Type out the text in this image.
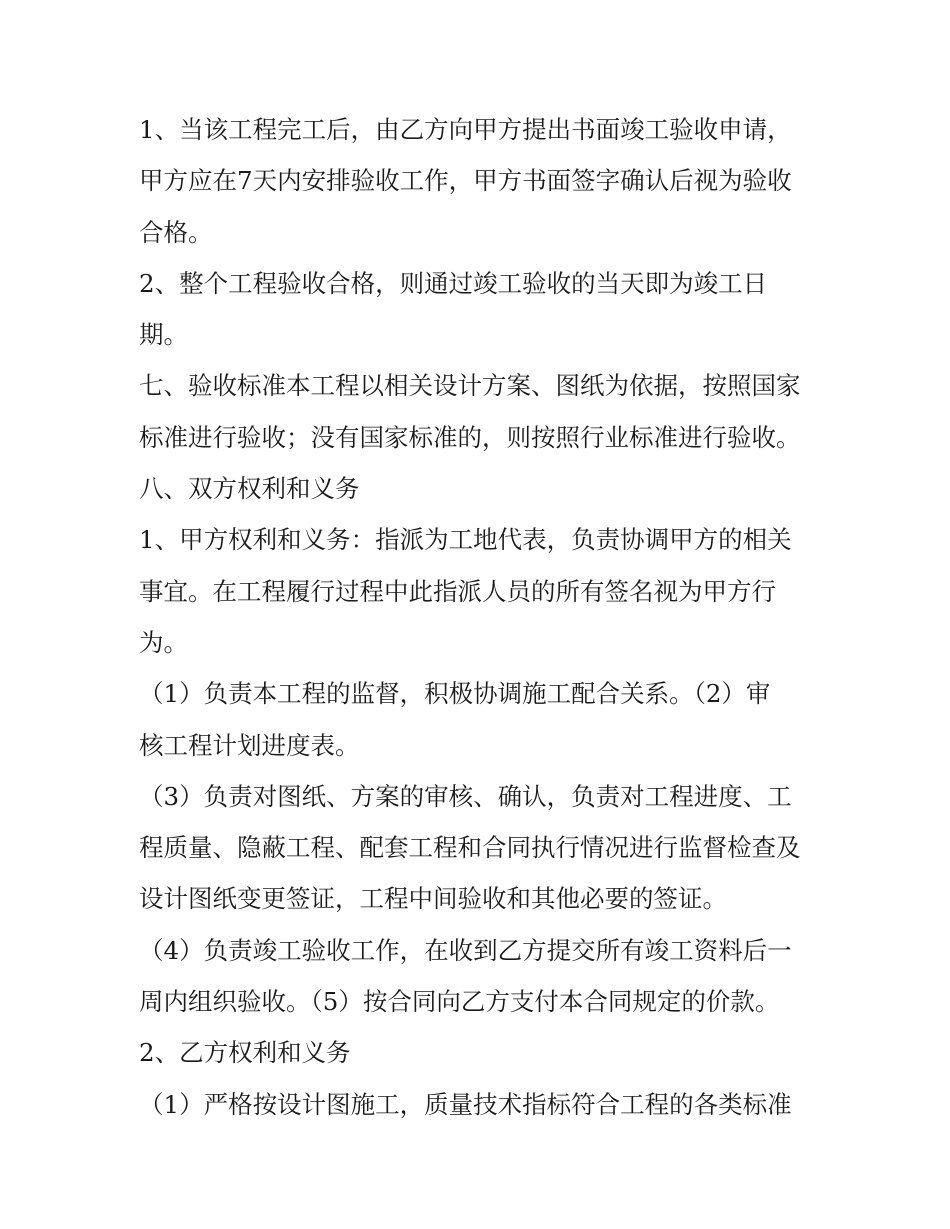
1、当该工程完工后，由乙方向甲方提出书面竣工验收申请，
甲方应在7天内安排验收工作，甲方书面签字确认后视为验收
合格。
2、整个工程验收合格，则通过竣工验收的当天即为竣工日
期。
七、验收标准本工程以相关设计方案、图纸为依据，按照国家
标准进行验收；没有国家标准的，则按照行业标准进行验收。
八、双方权利和义务
1、甲方权利和义务：指派为工地代表，负责协调甲方的相关
事宜。在工程履行过程中此指派人员的所有签名视为甲方行
为。
（1）负责本工程的监督，积极协调施工配合关系。（2）审
核工程计划进度表。
（3）负责对图纸、方案的审核、确认，负责对工程进度、工
程质量、隐蔽工程、配套工程和合同执行情况进行监督检查及
设计图纸变更签证，工程中间验收和其他必要的签证。
（4）负责竣工验收工作，在收到乙方提交所有竣工资料后一
周内组织验收。（5）按合同向乙方支付本合同规定的价款。
2、乙方权利和义务
（1）严格按设计图施工，质量技术指标符合工程的各类标准
